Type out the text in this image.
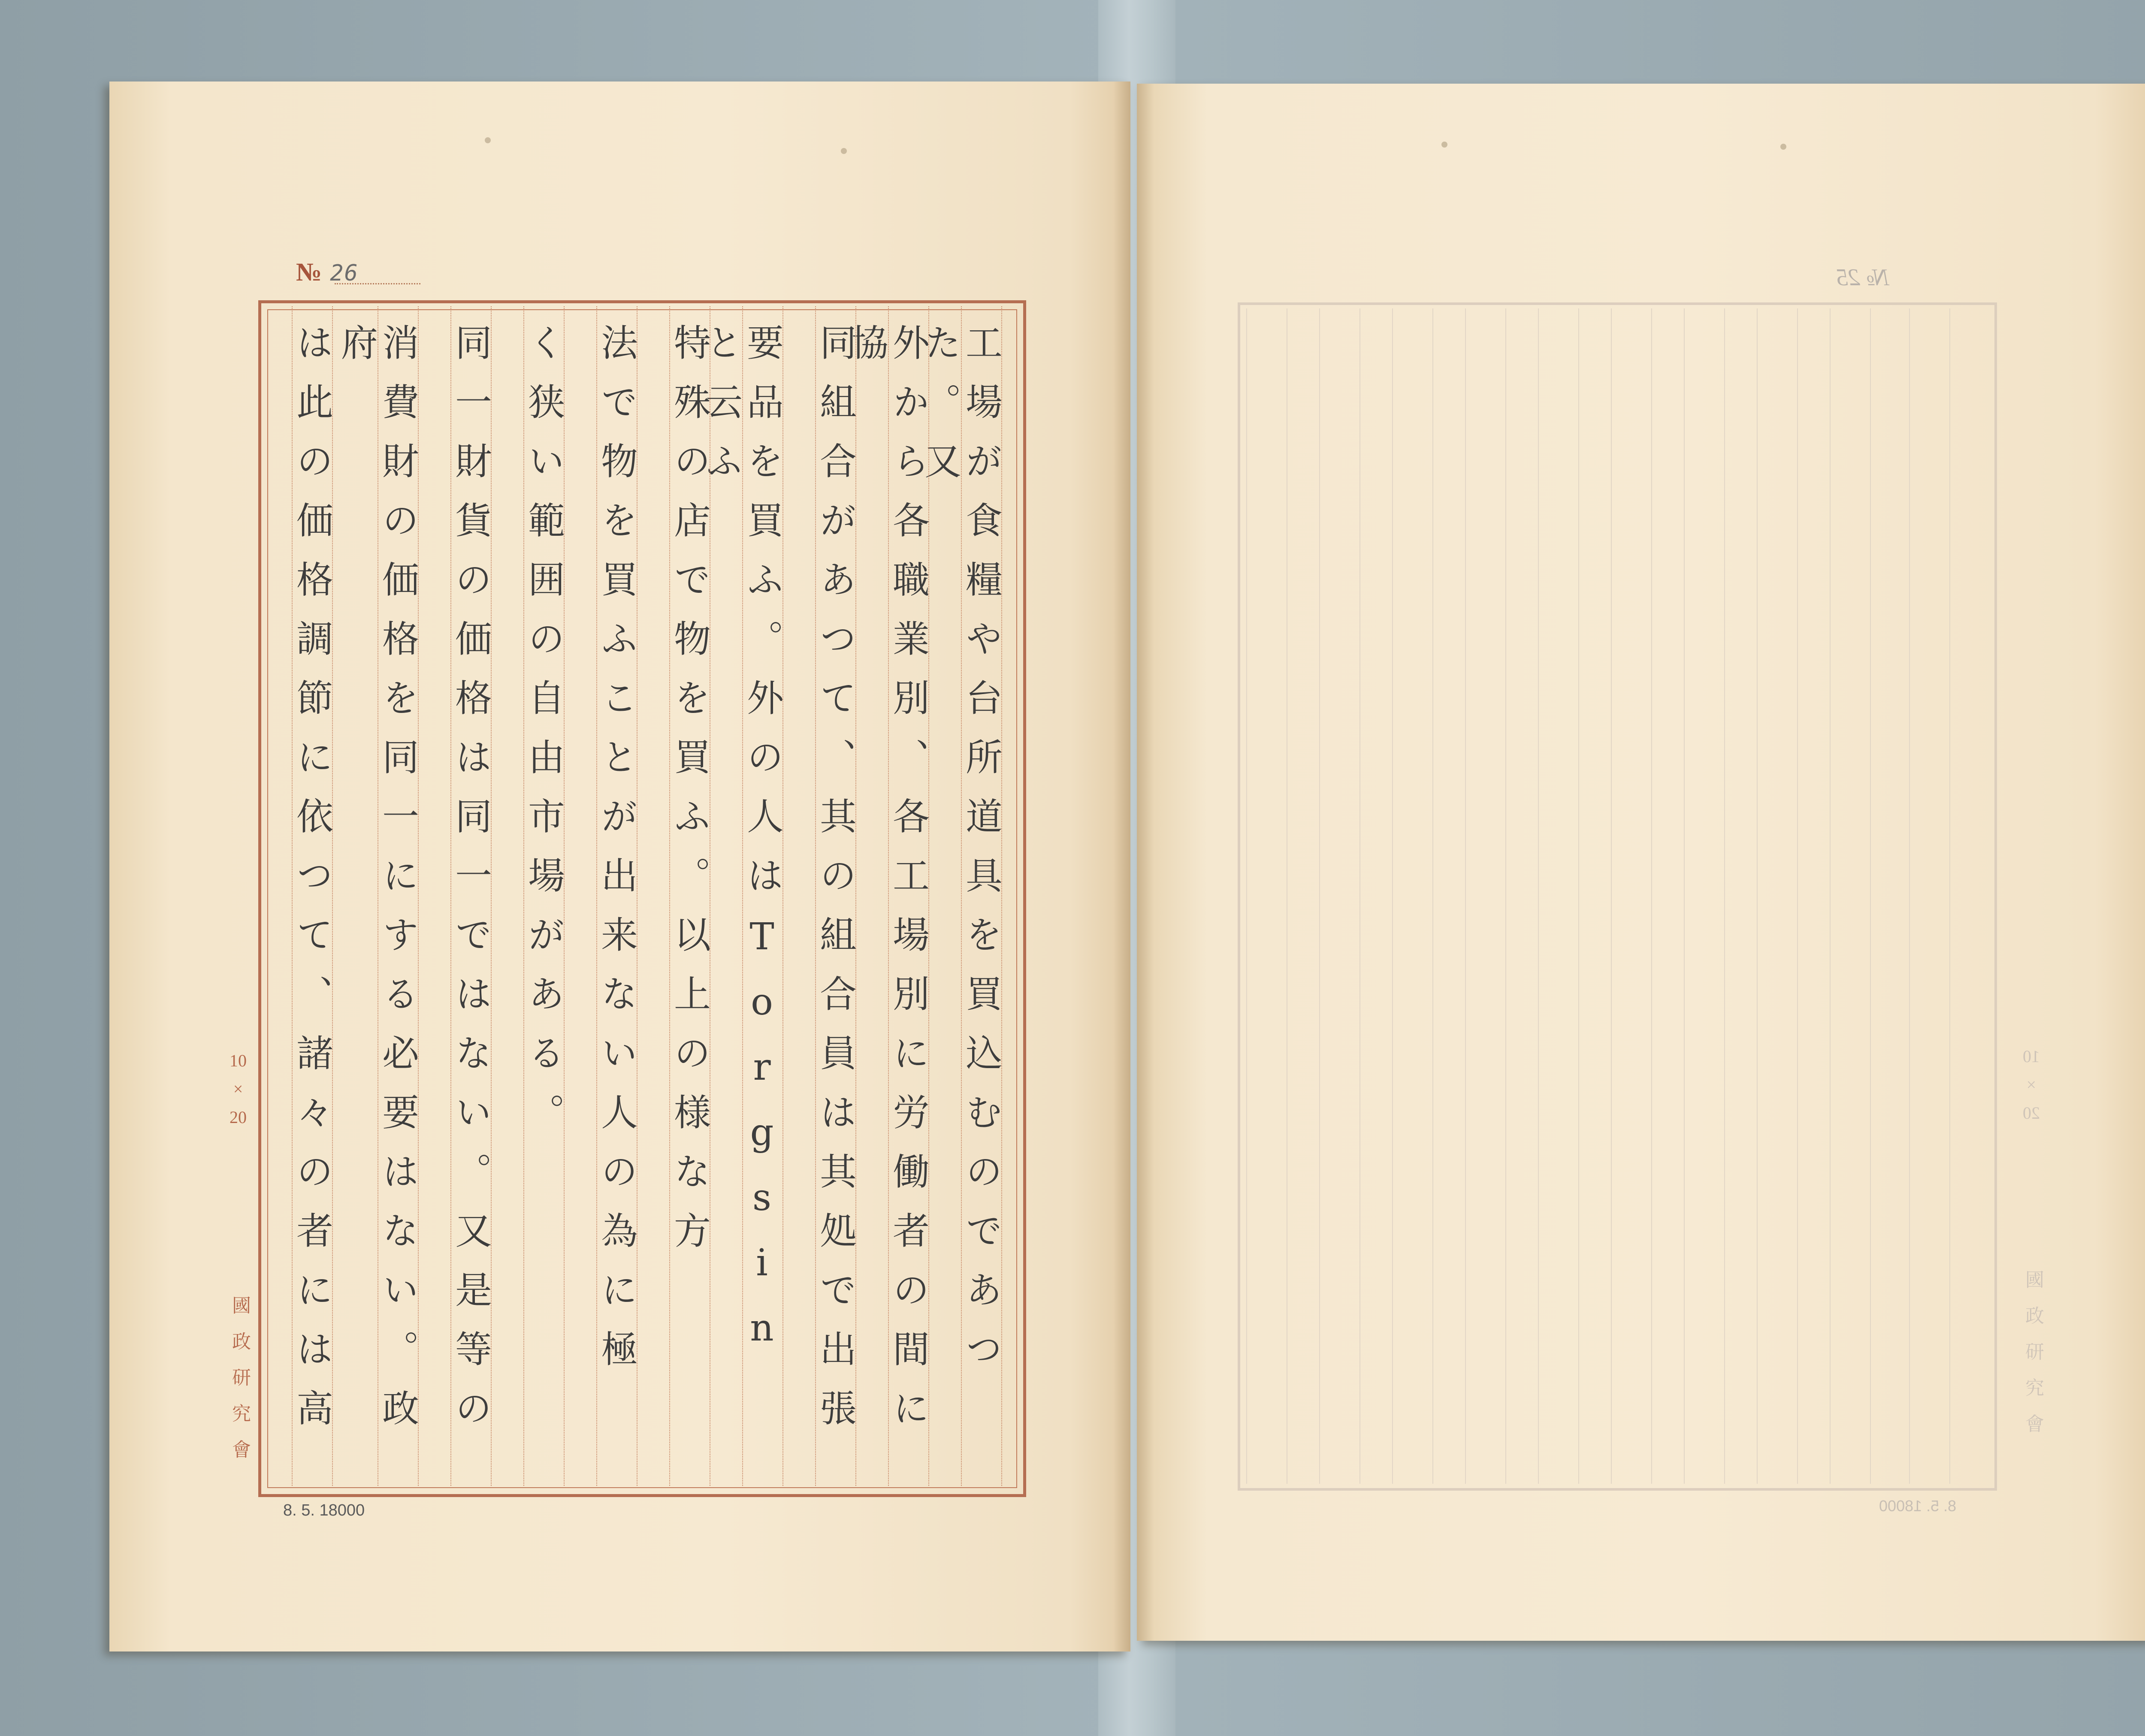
№ 26
工場が食糧や台所道具を買込むのであつた。又
外から各職業別、各工場別に労働者の間に協
同組合があつて、其の組合員は其処で出張
要品を買ふ。外の人はTorgsin と云ふ
特殊の店で物を買ふ。以上の様な方
法で物を買ふことが出来ない人の為に極
く狭い範囲の自由市場がある。
同一財貨の価格は同一ではない。又是等の
消費財の価格を同一にする必要はない。政府
は此の価格調節に依つて、諸々の者には高
10
×
20
國政研究會
8. 5. 18000
№ 25
10
×
20
國政研究會
8. 5. 18000
